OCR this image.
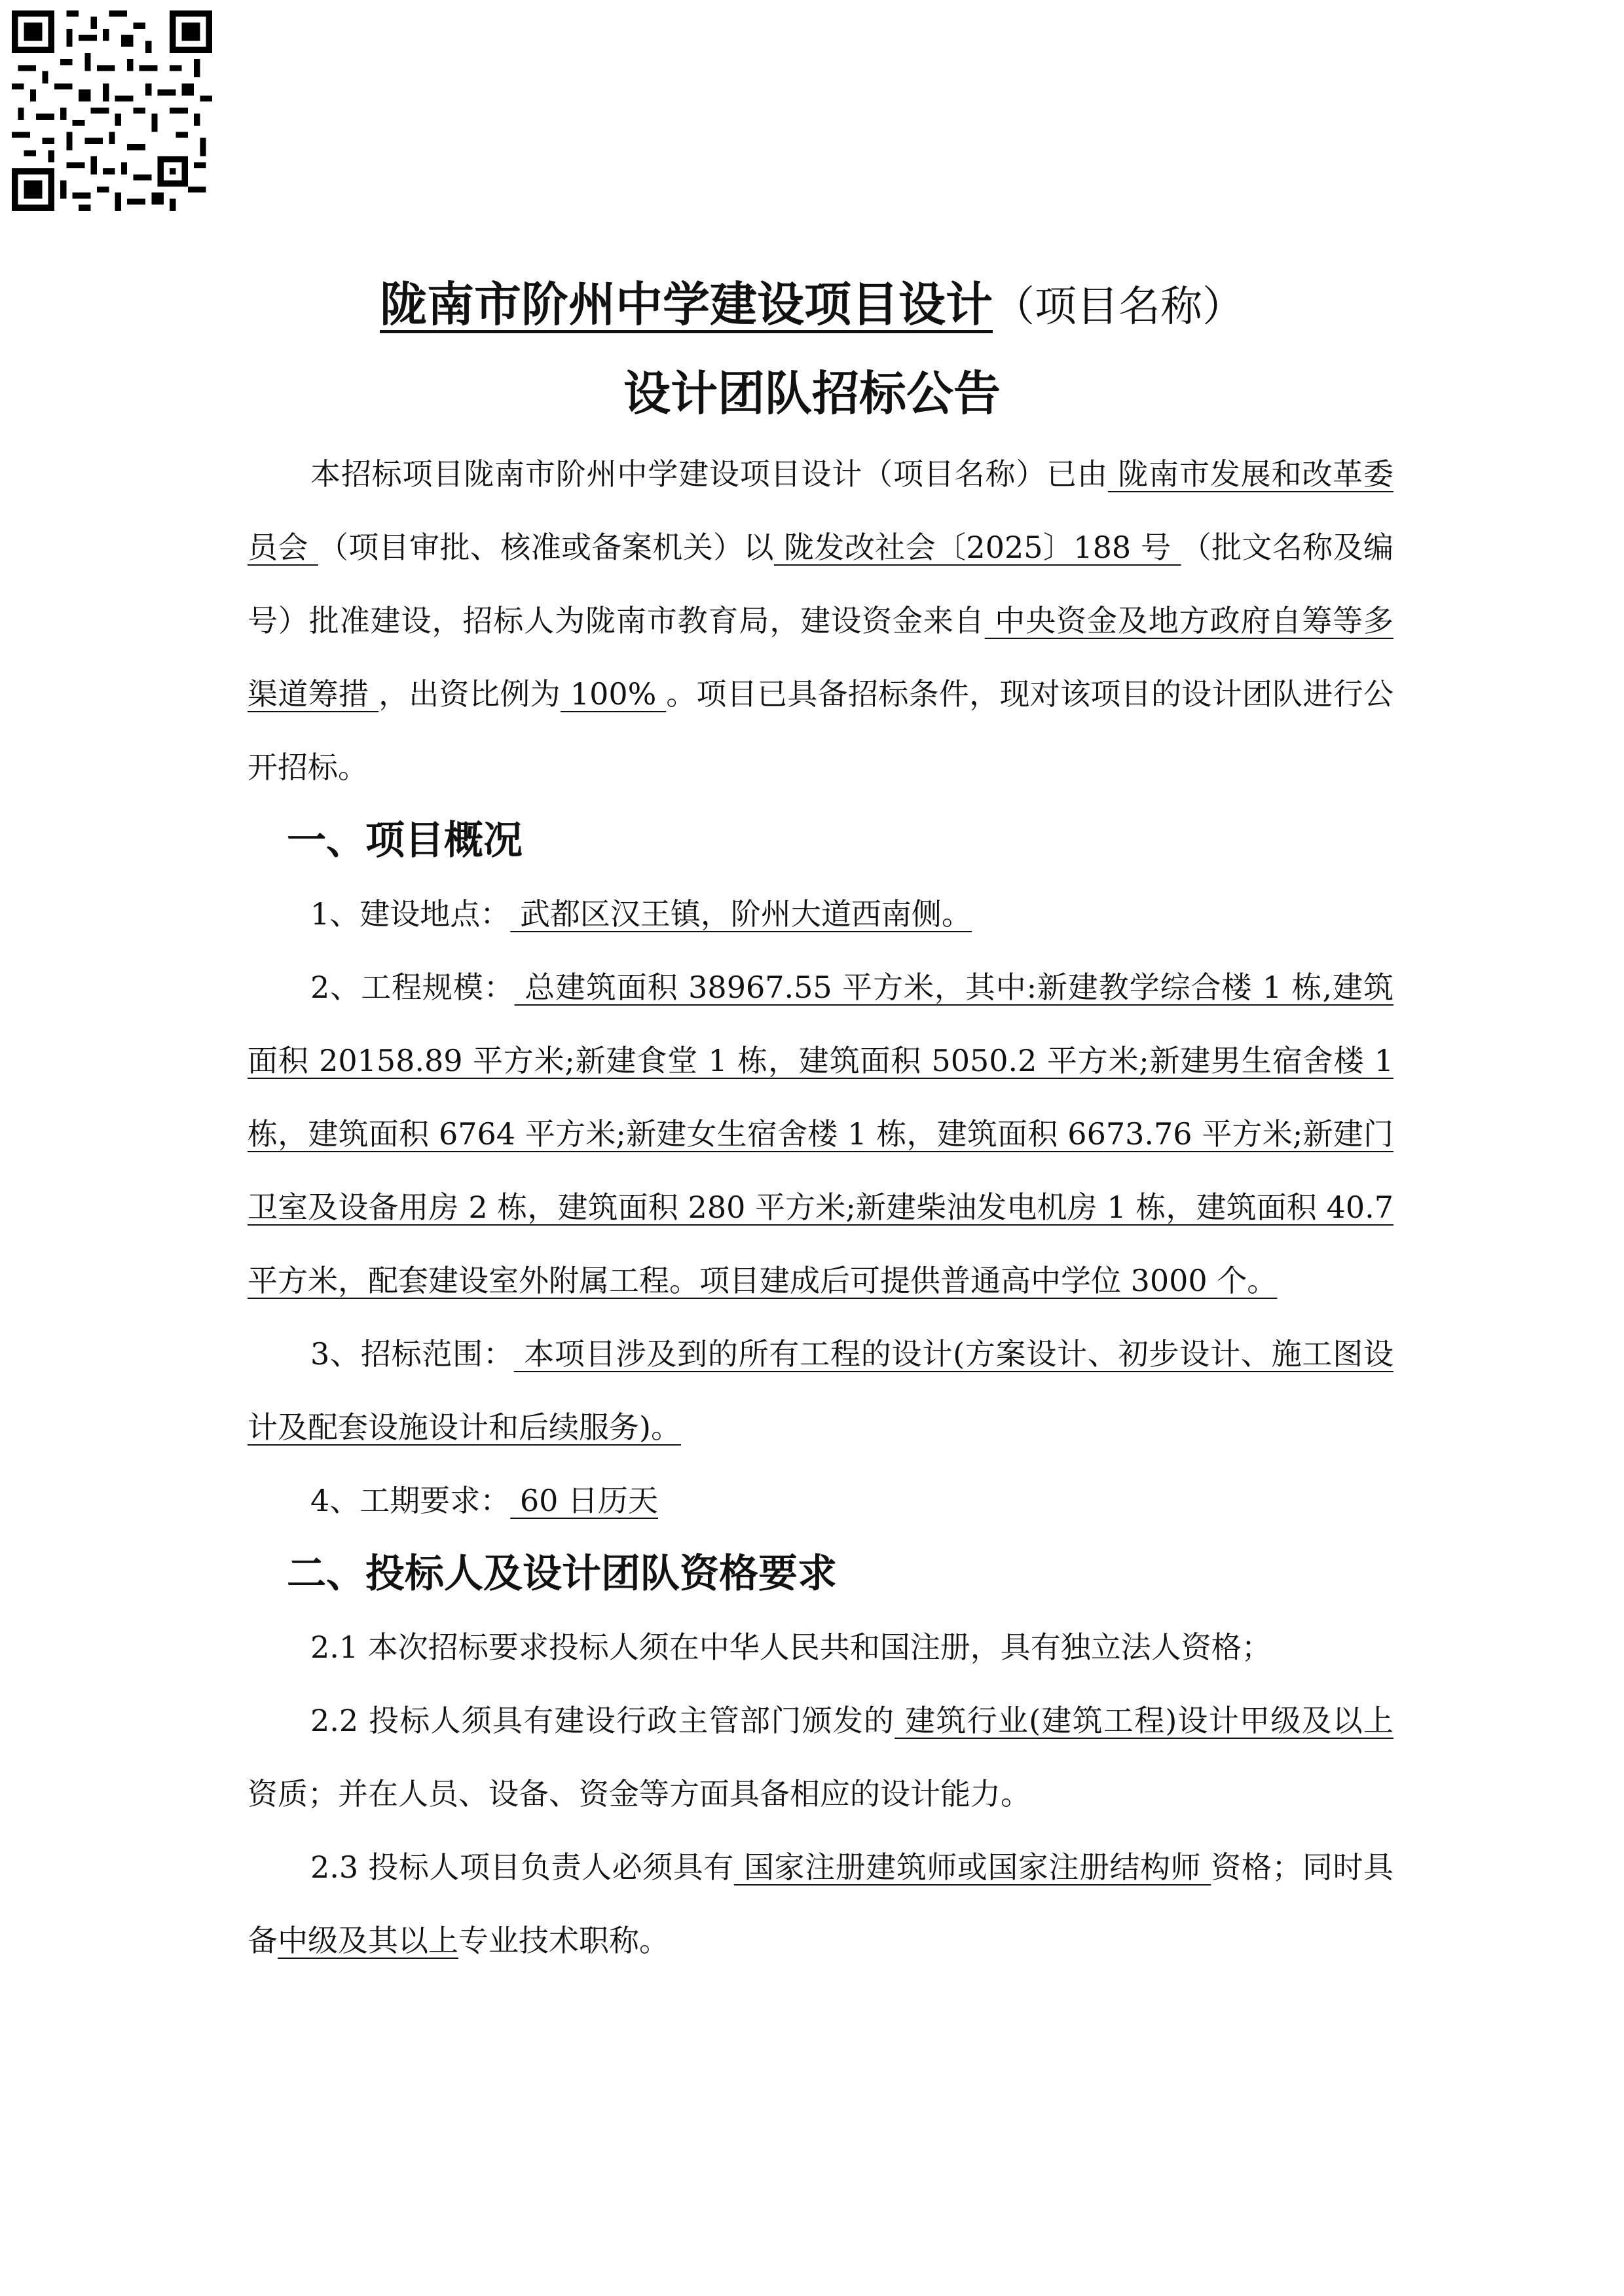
陇南市阶州中学建设项目设计（项目名称）
设计团队招标公告

本招标项目陇南市阶州中学建设项目设计（项目名称）已由 陇南市发展和改革委员会 （项目审批、核准或备案机关）以 陇发改社会〔2025〕188 号 （批文名称及编号）批准建设，招标人为陇南市教育局，建设资金来自 中央资金及地方政府自筹等多渠道筹措 ，出资比例为 100% 。项目已具备招标条件，现对该项目的设计团队进行公开招标。

一、项目概况

1、建设地点： 武都区汉王镇，阶州大道西南侧。

2、工程规模： 总建筑面积 38967.55 平方米，其中:新建教学综合楼 1 栋,建筑面积 20158.89 平方米;新建食堂 1 栋，建筑面积 5050.2 平方米;新建男生宿舍楼 1 栋，建筑面积 6764 平方米;新建女生宿舍楼 1 栋，建筑面积 6673.76 平方米;新建门卫室及设备用房 2 栋，建筑面积 280 平方米;新建柴油发电机房 1 栋，建筑面积 40.7 平方米，配套建设室外附属工程。项目建成后可提供普通高中学位 3000 个。

3、招标范围： 本项目涉及到的所有工程的设计(方案设计、初步设计、施工图设计及配套设施设计和后续服务)。

4、工期要求： 60 日历天

二、投标人及设计团队资格要求

2.1 本次招标要求投标人须在中华人民共和国注册，具有独立法人资格；

2.2 投标人须具有建设行政主管部门颁发的 建筑行业(建筑工程)设计甲级及以上 资质；并在人员、设备、资金等方面具备相应的设计能力。

2.3 投标人项目负责人必须具有 国家注册建筑师或国家注册结构师 资格；同时具备中级及其以上专业技术职称。
